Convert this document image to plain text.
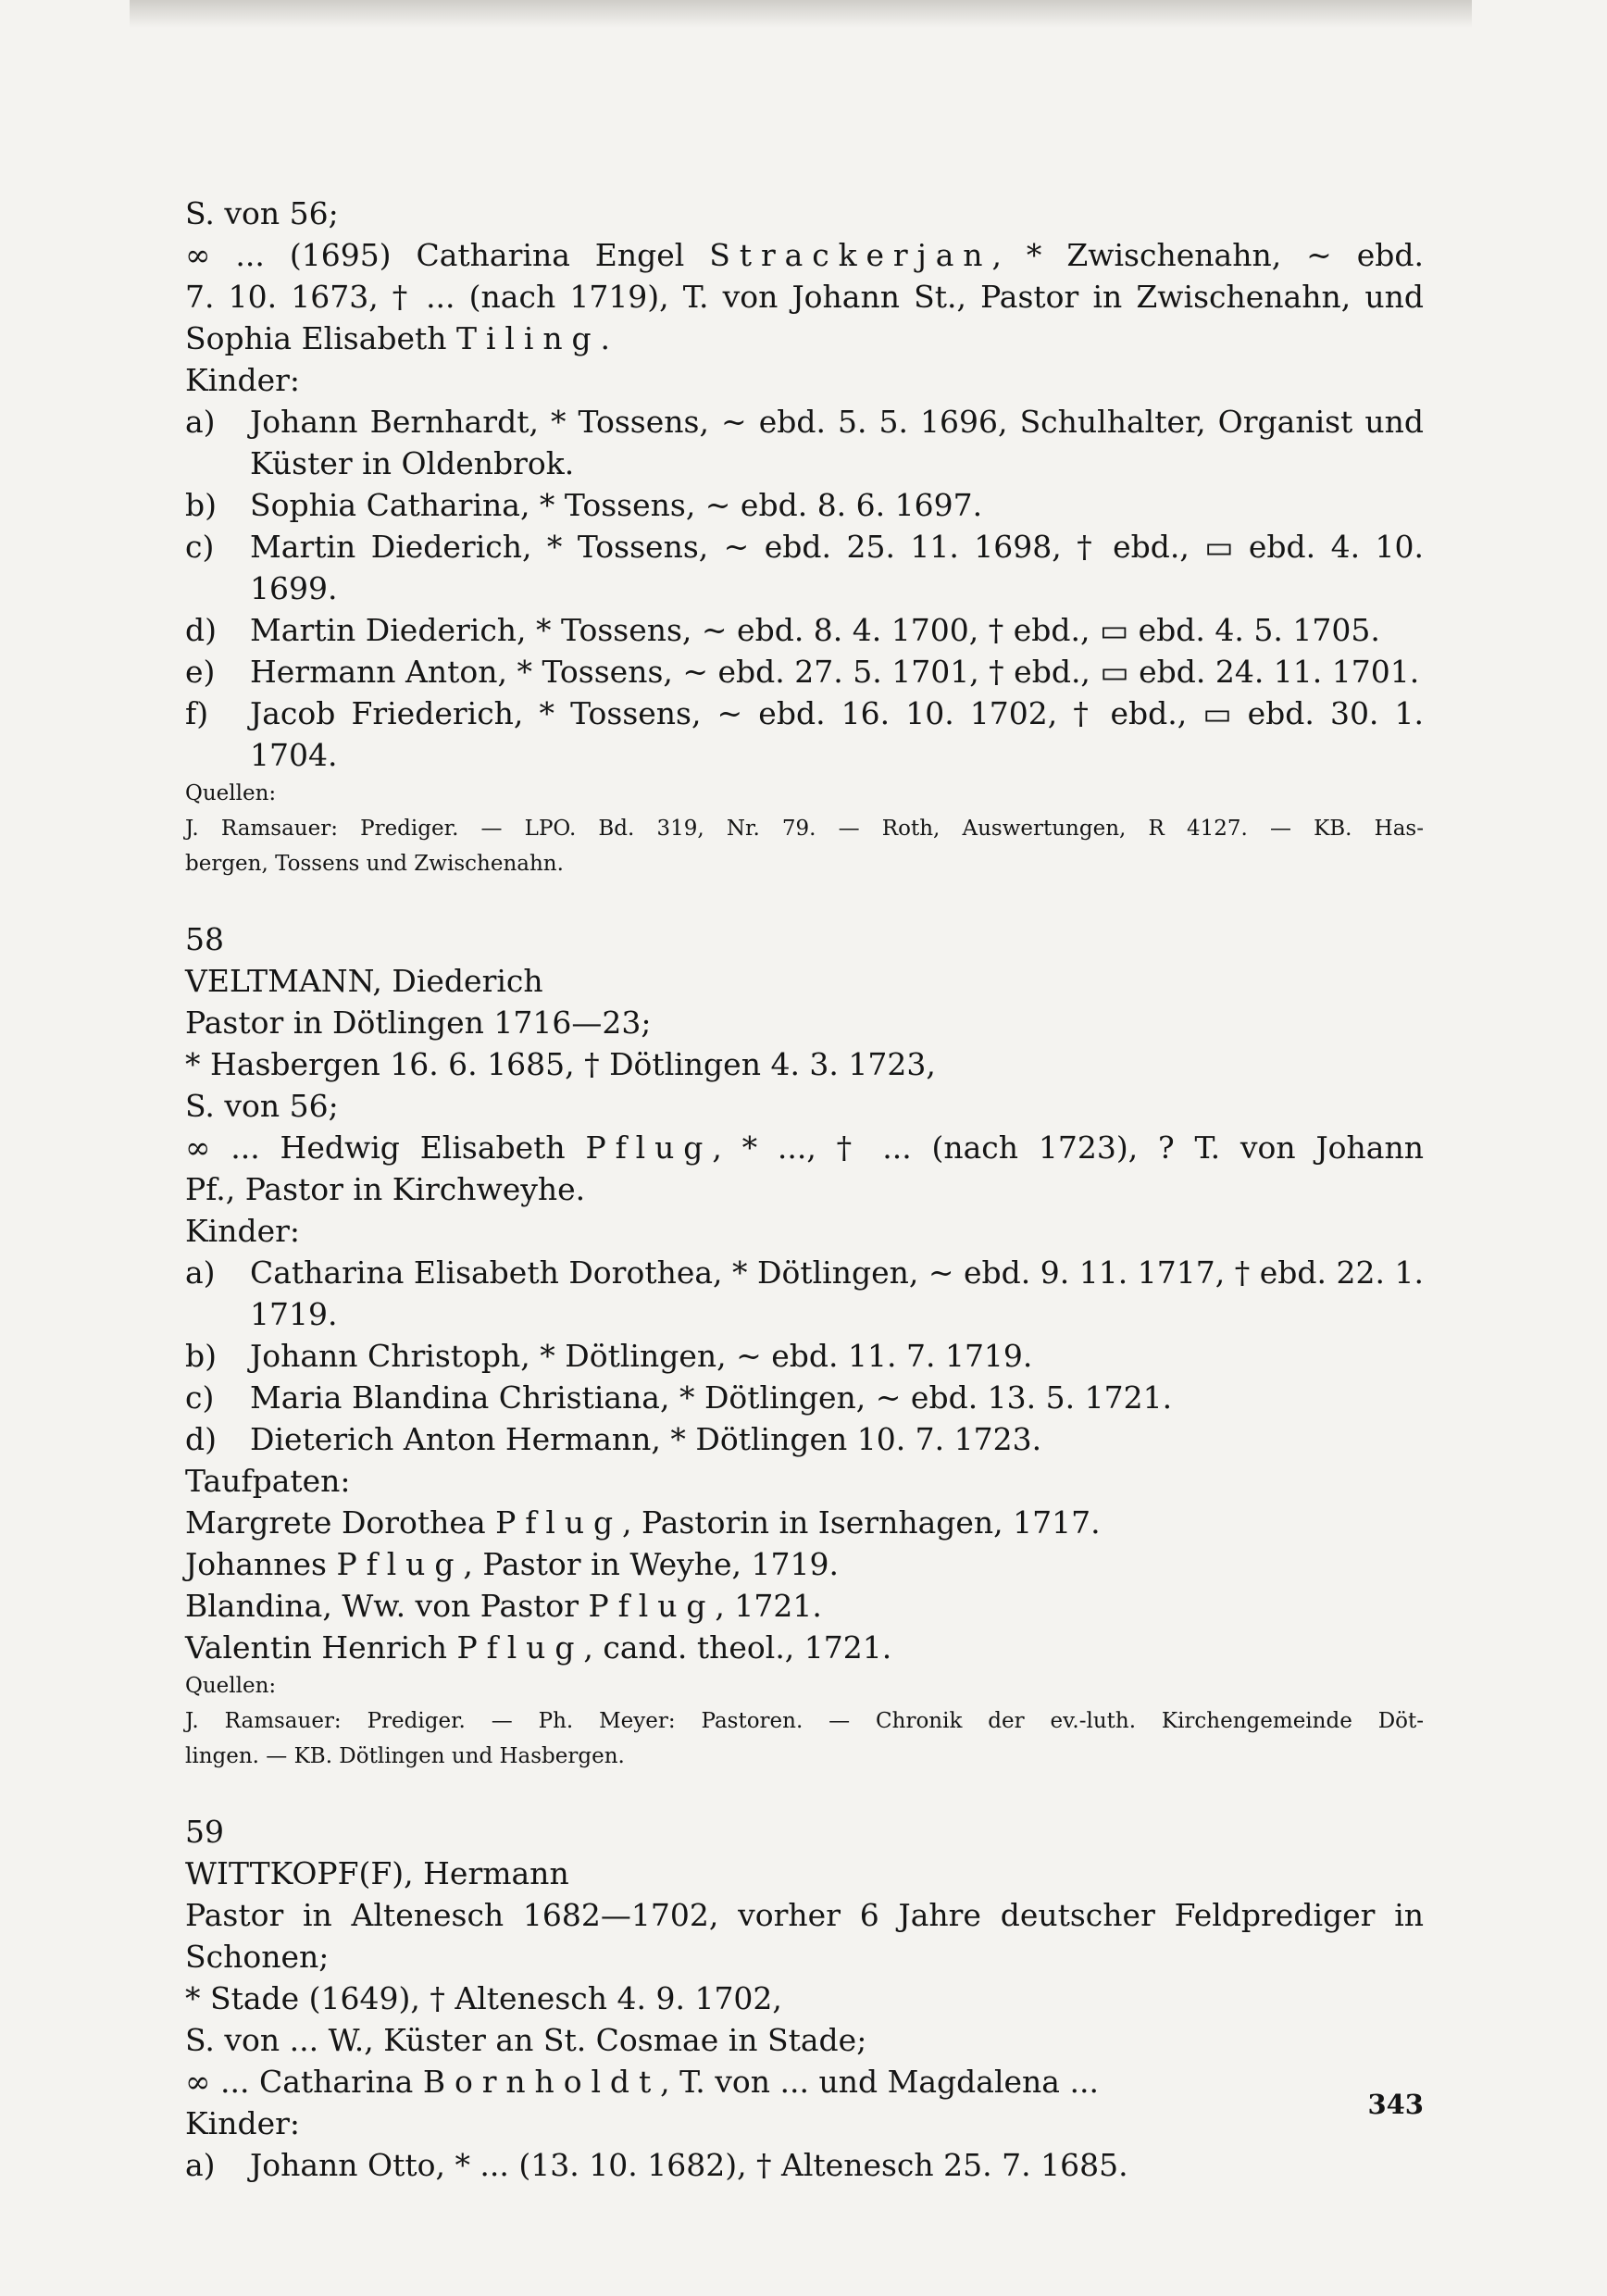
S. von 56;
∞ ... (1695) Catharina Engel Strackerjan, * Zwischenahn, ~ ebd.
7. 10. 1673, † ... (nach 1719), T. von Johann St., Pastor in Zwischenahn, und
Sophia Elisabeth Tiling.
Kinder:
a)	Johann Bernhardt, * Tossens, ~ ebd. 5. 5. 1696, Schulhalter, Organist und
Küster in Oldenbrok.
b)	Sophia Catharina, * Tossens, ~ ebd. 8. 6. 1697.
c)	Martin Diederich, * Tossens, ~ ebd. 25. 11. 1698, † ebd., ▭ ebd. 4. 10. 1699.
d)	Martin Diederich, * Tossens, ~ ebd. 8. 4. 1700, † ebd., ▭ ebd. 4. 5. 1705.
e)	Hermann Anton, * Tossens, ~ ebd. 27. 5. 1701, † ebd., ▭ ebd. 24. 11. 1701.
f)	Jacob Friederich, * Tossens, ~ ebd. 16. 10. 1702, † ebd., ▭ ebd. 30. 1. 1704.
Quellen:
J. Ramsauer: Prediger. — LPO. Bd. 319, Nr. 79. — Roth, Auswertungen, R 4127. — KB. Has-
bergen, Tossens und Zwischenahn.
58
VELTMANN, Diederich
Pastor in Dötlingen 1716—23;
* Hasbergen 16. 6. 1685, † Dötlingen 4. 3. 1723,
S. von 56;
∞ ... Hedwig Elisabeth Pflug, * ..., † ... (nach 1723), ? T. von Johann
Pf., Pastor in Kirchweyhe.
Kinder:
a)	Catharina Elisabeth Dorothea, * Dötlingen, ~ ebd. 9. 11. 1717, † ebd. 22. 1.
1719.
b)	Johann Christoph, * Dötlingen, ~ ebd. 11. 7. 1719.
c)	Maria Blandina Christiana, * Dötlingen, ~ ebd. 13. 5. 1721.
d)	Dieterich Anton Hermann, * Dötlingen 10. 7. 1723.
Taufpaten:
Margrete Dorothea Pflug, Pastorin in Isernhagen, 1717.
Johannes Pflug, Pastor in Weyhe, 1719.
Blandina, Ww. von Pastor Pflug, 1721.
Valentin Henrich Pflug, cand. theol., 1721.
Quellen:
J. Ramsauer: Prediger. — Ph. Meyer: Pastoren. — Chronik der ev.-luth. Kirchengemeinde Döt-
lingen. — KB. Dötlingen und Hasbergen.
59
WITTKOPF(F), Hermann
Pastor in Altenesch 1682—1702, vorher 6 Jahre deutscher Feldprediger in
Schonen;
* Stade (1649), † Altenesch 4. 9. 1702,
S. von ... W., Küster an St. Cosmae in Stade;
∞ ... Catharina Bornholdt, T. von ... und Magdalena ...
Kinder:
a)	Johann Otto, * ... (13. 10. 1682), † Altenesch 25. 7. 1685.
343
